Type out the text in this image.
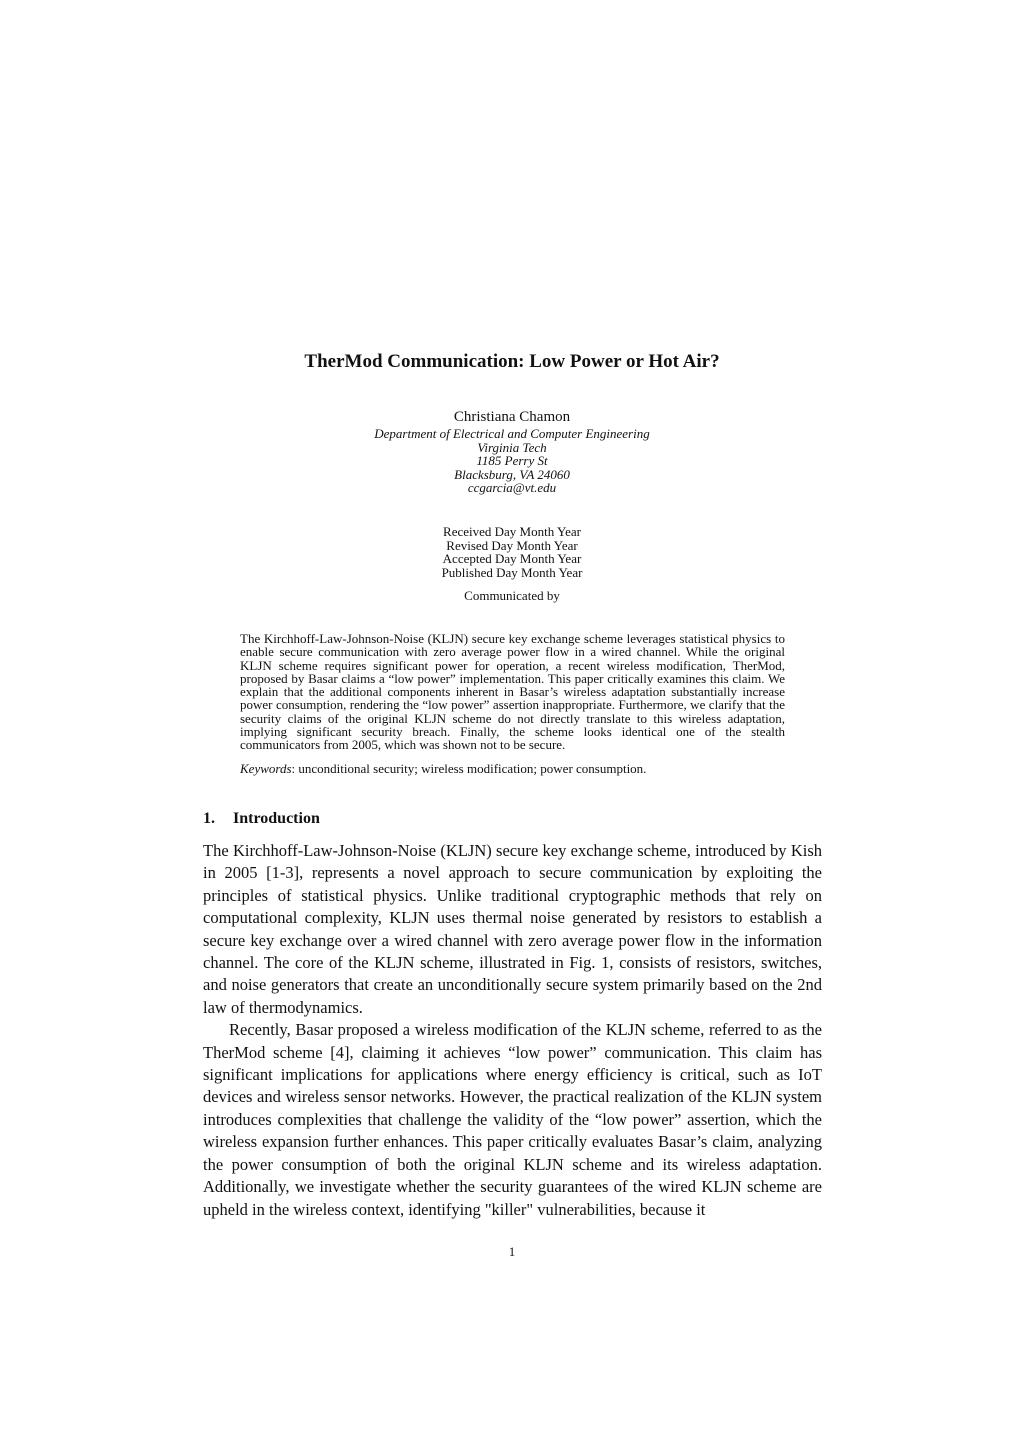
TherMod Communication: Low Power or Hot Air?
Christiana Chamon
Department of Electrical and Computer Engineering
Virginia Tech
1185 Perry St
Blacksburg, VA 24060
ccgarcia@vt.edu
Received Day Month Year
Revised Day Month Year
Accepted Day Month Year
Published Day Month Year
Communicated by
The Kirchhoff-Law-Johnson-Noise (KLJN) secure key exchange scheme leverages statistical physics to enable secure communication with zero average power flow in a wired channel. While the original KLJN scheme requires significant power for operation, a recent wireless modification, TherMod, proposed by Basar claims a “low power” implementation. This paper critically examines this claim. We explain that the additional components inherent in Basar’s wireless adaptation substantially increase power consumption, rendering the “low power” assertion inappropriate. Furthermore, we clarify that the security claims of the original KLJN scheme do not directly translate to this wireless adaptation, implying significant security breach. Finally, the scheme looks identical one of the stealth communicators from 2005, which was shown not to be secure.
Keywords: unconditional security; wireless modification; power consumption.
1. Introduction

The Kirchhoff-Law-Johnson-Noise (KLJN) secure key exchange scheme, introduced by Kish in 2005 [1-3], represents a novel approach to secure communication by exploiting the principles of statistical physics. Unlike traditional cryptographic methods that rely on computational complexity, KLJN uses thermal noise generated by resistors to establish a secure key exchange over a wired channel with zero average power flow in the information channel. The core of the KLJN scheme, illustrated in Fig. 1, consists of resistors, switches, and noise generators that create an unconditionally secure system primarily based on the 2nd law of thermodynamics.

Recently, Basar proposed a wireless modification of the KLJN scheme, referred to as the TherMod scheme [4], claiming it achieves “low power” communication. This claim has significant implications for applications where energy efficiency is critical, such as IoT devices and wireless sensor networks. However, the practical realization of the KLJN system introduces complexities that challenge the validity of the “low power” assertion, which the wireless expansion further enhances. This paper critically evaluates Basar’s claim, analyzing the power consumption of both the original KLJN scheme and its wireless adaptation. Additionally, we investigate whether the security guarantees of the wired KLJN scheme are upheld in the wireless context, identifying "killer" vulnerabilities, because it

1
